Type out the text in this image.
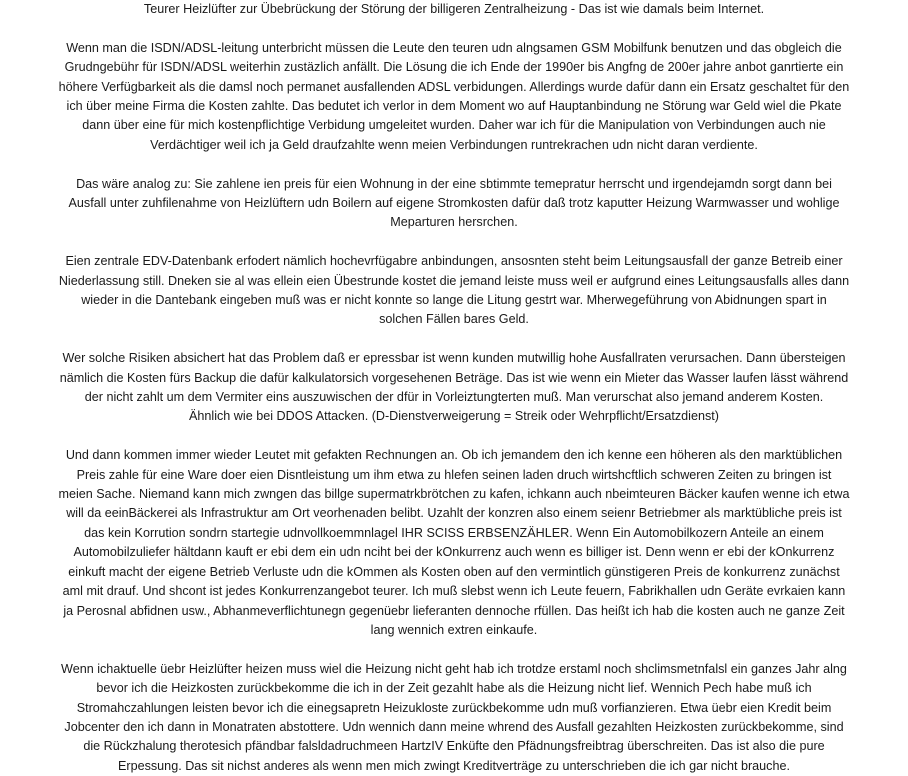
Teurer Heizlüfter zur Übebrückung der Störung der billigeren Zentralheizung - Das ist wie damals beim Internet.
Wenn man die ISDN/ADSL-leitung unterbricht müssen die Leute den teuren udn alngsamen GSM Mobilfunk benutzen und das obgleich die
Grudngebühr für ISDN/ADSL weiterhin zustäzlich anfällt. Die Lösung die ich Ende der 1990er bis Angfng de 200er jahre anbot ganrtierte ein
höhere Verfügbarkeit als die damsl noch permanet ausfallenden ADSL verbidungen. Allerdings wurde dafür dann ein Ersatz geschaltet für den
ich über meine Firma die Kosten zahlte. Das bedutet ich verlor in dem Moment wo auf Hauptanbindung ne Störung war Geld wiel die Pkate
dann über eine für mich kostenpflichtige Verbidung umgeleitet wurden. Daher war ich für die Manipulation von Verbindungen auch nie
Verdächtiger weil ich ja Geld draufzahlte wenn meien Verbindungen runtrekrachen udn nicht daran verdiente.
Das wäre analog zu: Sie zahlene ien preis für eien Wohnung in der eine sbtimmte temepratur herrscht und irgendejamdn sorgt dann bei
Ausfall unter zuhfilenahme von Heizlüftern udn Boilern auf eigene Stromkosten dafür daß trotz kaputter Heizung Warmwasser und wohlige
Meparturen hersrchen.
Eien zentrale EDV-Datenbank erfodert nämlich hochevrfügabre anbindungen, ansosnten steht beim Leitungsausfall der ganze Betreib einer
Niederlassung still. Dneken sie al was ellein eien Übestrunde kostet die jemand leiste muss weil er aufgrund eines Leitungsausfalls alles dann
wieder in die Dantebank eingeben muß was er nicht konnte so lange die Litung gestrt war. Mherwegeführung von Abidnungen spart in
solchen Fällen bares Geld.
Wer solche Risiken absichert hat das Problem daß er epressbar ist wenn kunden mutwillig hohe Ausfallraten verursachen. Dann übersteigen
nämlich die Kosten fürs Backup die dafür kalkulatorsich vorgesehenen Beträge. Das ist wie wenn ein Mieter das Wasser laufen lässt während
der nicht zahlt um dem Vermiter eins auszuwischen der dfür in Vorleiztungterten muß. Man verurschat also jemand anderem Kosten.
Ähnlich wie bei DDOS Attacken. (D-Dienstverweigerung = Streik oder Wehrpflicht/Ersatzdienst)
Und dann kommen immer wieder Leutet mit gefakten Rechnungen an. Ob ich jemandem den ich kenne een höheren als den marktüblichen
Preis zahle für eine Ware doer eien Disntleistung um ihm etwa zu hlefen seinen laden druch wirtshcftlich schweren Zeiten zu bringen ist
meien Sache. Niemand kann mich zwngen das billge supermatrkbrötchen zu kafen, ichkann auch nbeimteuren Bäcker kaufen wenne ich etwa
will da eeinBäckerei als Infrastruktur am Ort veorhenaden belibt. Uzahlt der konzren also einem seienr Betriebmer als marktübliche preis ist
das kein Korrution sondrn startegie udnvollkoemmnlagel IHR SCISS ERBSENZÄHLER. Wenn Ein Automobilkozern Anteile an einem
Automobilzuliefer hältdann kauft er ebi dem ein udn nciht bei der kOnkurrenz auch wenn es billiger ist. Denn wenn er ebi der kOnkurrenz
einkuft macht der eigene Betrieb Verluste udn die kOmmen als Kosten oben auf den vermintlich günstigeren Preis de konkurrenz zunächst
aml mit drauf. Und shcont ist jedes Konkurrenzangebot teurer. Ich muß slebst wenn ich Leute feuern, Fabrikhallen udn Geräte evrkaien kann
ja Perosnal abfidnen usw., Abhanmeverflichtunegn gegenüebr lieferanten dennoche rfüllen. Das heißt ich hab die kosten auch ne ganze Zeit
lang wennich extren einkaufe.
Wenn ichaktuelle üebr Heizlüfter heizen muss wiel die Heizung nicht geht hab ich trotdze erstaml noch shclimsmetnfalsl ein ganzes Jahr alng
bevor ich die Heizkosten zurückbekomme die ich in der Zeit gezahlt habe als die Heizung nicht lief. Wennich Pech habe muß ich
Stromahczahlungen leisten bevor ich die einegsapretn Heizukloste zurückbekomme udn muß vorfianzieren. Etwa üebr eien Kredit beim
Jobcenter den ich dann in Monatraten abstottere. Udn wennich dann meine whrend des Ausfall gezahlten Heizkosten zurückbekomme, sind
die Rückzhalung therotesich pfändbar falsldadruchmeen HartzIV Enküfte den Pfädnungsfreibtrag überschreiten. Das ist also die pure
Erpessung. Das sit nichst anderes als wenn men mich zwingt Kreditverträge zu unterschrieben die ich gar nicht brauche.
